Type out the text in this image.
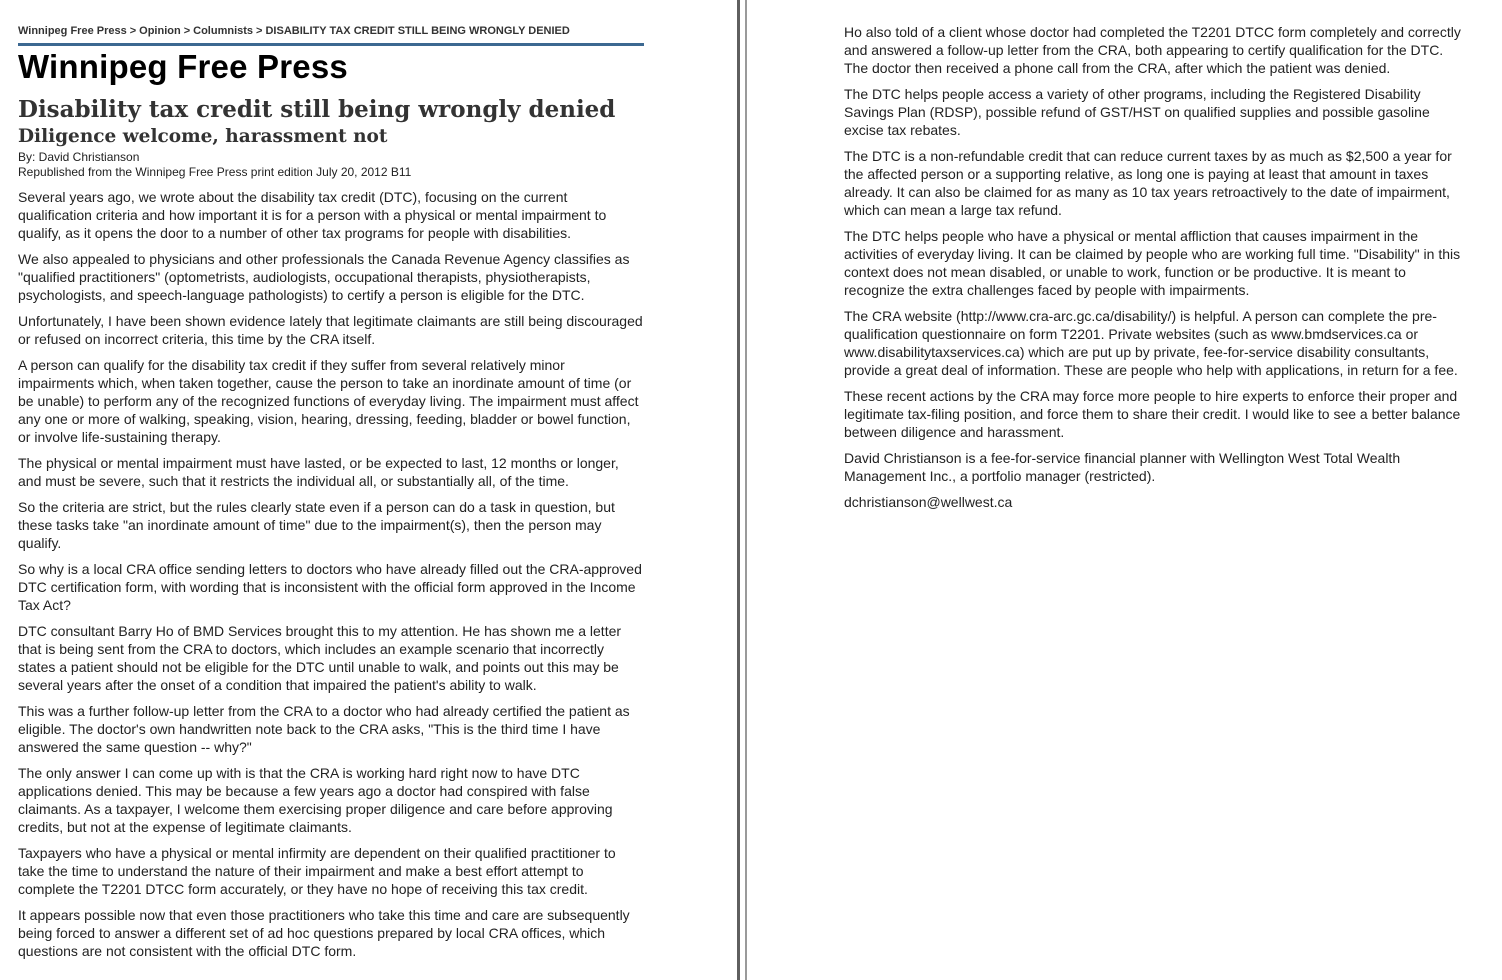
Winnipeg Free Press > Opinion > Columnists > DISABILITY TAX CREDIT STILL BEING WRONGLY DENIED
Winnipeg Free Press
Disability tax credit still being wrongly denied
Diligence welcome, harassment not
By: David Christianson
Republished from the Winnipeg Free Press print edition July 20, 2012 B11

Several years ago, we wrote about the disability tax credit (DTC), focusing on the current qualification criteria and how important it is for a person with a physical or mental impairment to qualify, as it opens the door to a number of other tax programs for people with disabilities.

We also appealed to physicians and other professionals the Canada Revenue Agency classifies as "qualified practitioners" (optometrists, audiologists, occupational therapists, physiotherapists, psychologists, and speech-language pathologists) to certify a person is eligible for the DTC.

Unfortunately, I have been shown evidence lately that legitimate claimants are still being discouraged or refused on incorrect criteria, this time by the CRA itself.

A person can qualify for the disability tax credit if they suffer from several relatively minor impairments which, when taken together, cause the person to take an inordinate amount of time (or be unable) to perform any of the recognized functions of everyday living. The impairment must affect any one or more of walking, speaking, vision, hearing, dressing, feeding, bladder or bowel function, or involve life-sustaining therapy.

The physical or mental impairment must have lasted, or be expected to last, 12 months or longer, and must be severe, such that it restricts the individual all, or substantially all, of the time.

So the criteria are strict, but the rules clearly state even if a person can do a task in question, but these tasks take "an inordinate amount of time" due to the impairment(s), then the person may qualify.

So why is a local CRA office sending letters to doctors who have already filled out the CRA-approved DTC certification form, with wording that is inconsistent with the official form approved in the Income Tax Act?

DTC consultant Barry Ho of BMD Services brought this to my attention. He has shown me a letter that is being sent from the CRA to doctors, which includes an example scenario that incorrectly states a patient should not be eligible for the DTC until unable to walk, and points out this may be several years after the onset of a condition that impaired the patient's ability to walk.

This was a further follow-up letter from the CRA to a doctor who had already certified the patient as eligible. The doctor's own handwritten note back to the CRA asks, "This is the third time I have answered the same question -- why?"

The only answer I can come up with is that the CRA is working hard right now to have DTC applications denied. This may be because a few years ago a doctor had conspired with false claimants. As a taxpayer, I welcome them exercising proper diligence and care before approving credits, but not at the expense of legitimate claimants.

Taxpayers who have a physical or mental infirmity are dependent on their qualified practitioner to take the time to understand the nature of their impairment and make a best effort attempt to complete the T2201 DTCC form accurately, or they have no hope of receiving this tax credit.

It appears possible now that even those practitioners who take this time and care are subsequently being forced to answer a different set of ad hoc questions prepared by local CRA offices, which questions are not consistent with the official DTC form.

Ho also told of a client whose doctor had completed the T2201 DTCC form completely and correctly and answered a follow-up letter from the CRA, both appearing to certify qualification for the DTC. The doctor then received a phone call from the CRA, after which the patient was denied.

The DTC helps people access a variety of other programs, including the Registered Disability Savings Plan (RDSP), possible refund of GST/HST on qualified supplies and possible gasoline excise tax rebates.

The DTC is a non-refundable credit that can reduce current taxes by as much as $2,500 a year for the affected person or a supporting relative, as long one is paying at least that amount in taxes already. It can also be claimed for as many as 10 tax years retroactively to the date of impairment, which can mean a large tax refund.

The DTC helps people who have a physical or mental affliction that causes impairment in the activities of everyday living. It can be claimed by people who are working full time. "Disability" in this context does not mean disabled, or unable to work, function or be productive. It is meant to recognize the extra challenges faced by people with impairments.

The CRA website (http://www.cra-arc.gc.ca/disability/) is helpful. A person can complete the pre-qualification questionnaire on form T2201. Private websites (such as www.bmdservices.ca or www.disabilitytaxservices.ca) which are put up by private, fee-for-service disability consultants, provide a great deal of information. These are people who help with applications, in return for a fee.

These recent actions by the CRA may force more people to hire experts to enforce their proper and legitimate tax-filing position, and force them to share their credit. I would like to see a better balance between diligence and harassment.

David Christianson is a fee-for-service financial planner with Wellington West Total Wealth Management Inc., a portfolio manager (restricted).

dchristianson@wellwest.ca
